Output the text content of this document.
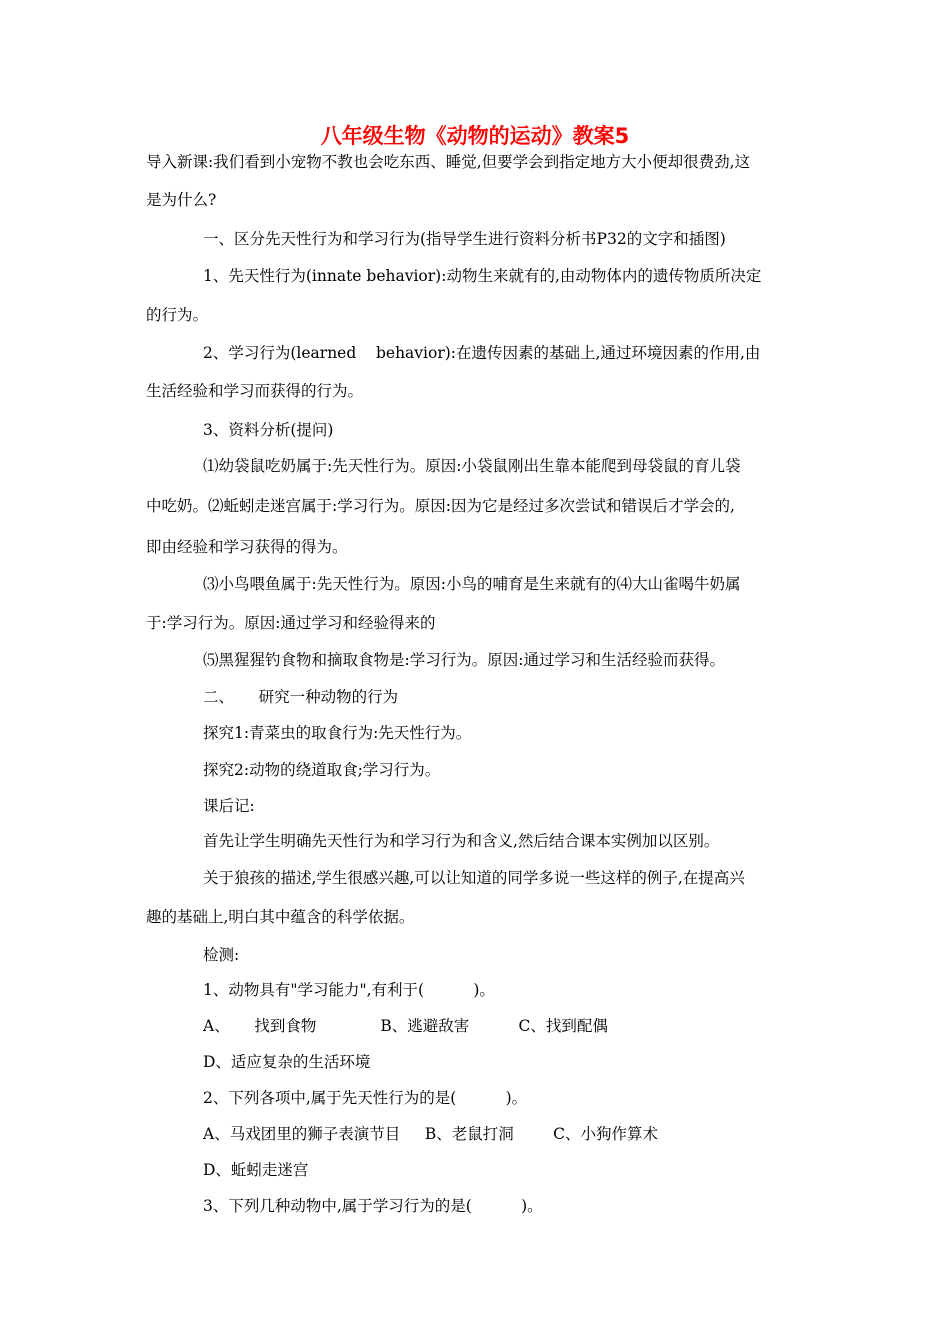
八年级生物《动物的运动》教案5
导入新课:我们看到小宠物不教也会吃东西、睡觉,但要学会到指定地方大小便却很费劲,这
是为什么?
一、区分先天性行为和学习行为(指导学生进行资料分析书P32的文字和插图)
1、先天性行为(innate behavior):动物生来就有的,由动物体内的遗传物质所决定
的行为。
2、学习行为(learned    behavior):在遗传因素的基础上,通过环境因素的作用,由
生活经验和学习而获得的行为。
3、资料分析(提问)
⑴幼袋鼠吃奶属于:先天性行为。原因:小袋鼠刚出生靠本能爬到母袋鼠的育儿袋
中吃奶。⑵蚯蚓走迷宫属于:学习行为。原因:因为它是经过多次尝试和错误后才学会的,
即由经验和学习获得的得为。
⑶小鸟喂鱼属于:先天性行为。原因:小鸟的哺育是生来就有的⑷大山雀喝牛奶属
于:学习行为。原因:通过学习和经验得来的
⑸黑猩猩钓食物和摘取食物是:学习行为。原因:通过学习和生活经验而获得。
二、     研究一种动物的行为
探究1:青菜虫的取食行为:先天性行为。
探究2:动物的绕道取食;学习行为。
课后记:
首先让学生明确先天性行为和学习行为和含义,然后结合课本实例加以区别。
关于狼孩的描述,学生很感兴趣,可以让知道的同学多说一些这样的例子,在提高兴
趣的基础上,明白其中蕴含的科学依据。
检测:
1、动物具有"学习能力",有利于(          )。
A、     找到食物             B、逃避敌害          C、找到配偶
D、适应复杂的生活环境
2、下列各项中,属于先天性行为的是(          )。
A、马戏团里的狮子表演节目     B、老鼠打洞        C、小狗作算术
D、蚯蚓走迷宫
3、下列几种动物中,属于学习行为的是(          )。
